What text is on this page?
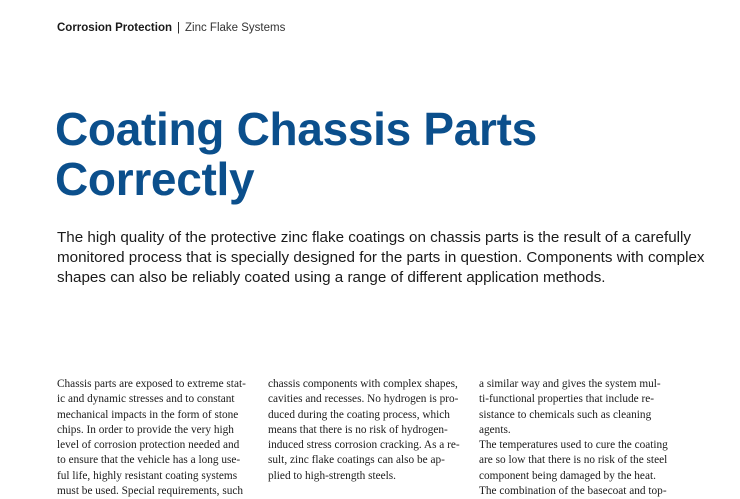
Corrosion Protection | Zinc Flake Systems
Coating Chassis Parts
Correctly

The high quality of the protective zinc flake coatings on chassis parts is the result of a carefully
monitored process that is specially designed for the parts in question. Components with complex
shapes can also be reliably coated using a range of different application methods.

Chassis parts are exposed to extreme stat-
ic and dynamic stresses and to constant
mechanical impacts in the form of stone
chips. In order to provide the very high
level of corrosion protection needed and
to ensure that the vehicle has a long use-
ful life, highly resistant coating systems
must be used. Special requirements, such
chassis components with complex shapes,
cavities and recesses. No hydrogen is pro-
duced during the coating process, which
means that there is no risk of hydrogen-
induced stress corrosion cracking. As a re-
sult, zinc flake coatings can also be ap-
plied to high-strength steels.
a similar way and gives the system mul-
ti-functional properties that include re-
sistance to chemicals such as cleaning
agents.
The temperatures used to cure the coating
are so low that there is no risk of the steel
component being damaged by the heat.
The combination of the basecoat and top-
